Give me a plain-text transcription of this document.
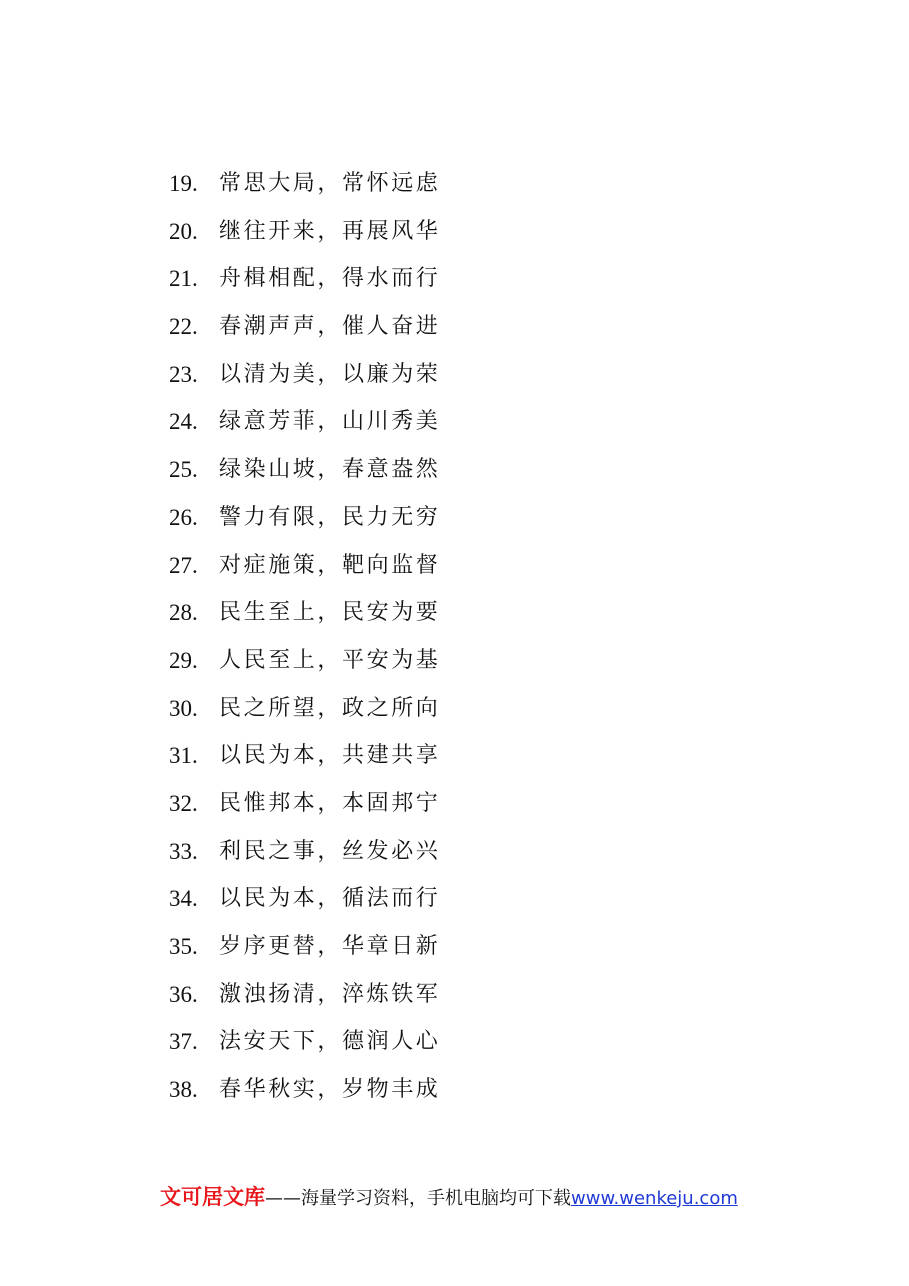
19. 常思大局，常怀远虑
20. 继往开来，再展风华
21. 舟楫相配，得水而行
22. 春潮声声，催人奋进
23. 以清为美，以廉为荣
24. 绿意芳菲，山川秀美
25. 绿染山坡，春意盎然
26. 警力有限，民力无穷
27. 对症施策，靶向监督
28. 民生至上，民安为要
29. 人民至上，平安为基
30. 民之所望，政之所向
31. 以民为本，共建共享
32. 民惟邦本，本固邦宁
33. 利民之事，丝发必兴
34. 以民为本，循法而行
35. 岁序更替，华章日新
36. 激浊扬清，淬炼铁军
37. 法安天下，德润人心
38. 春华秋实，岁物丰成
文可居文库——海量学习资料，手机电脑均可下载www.wenkeju.com
